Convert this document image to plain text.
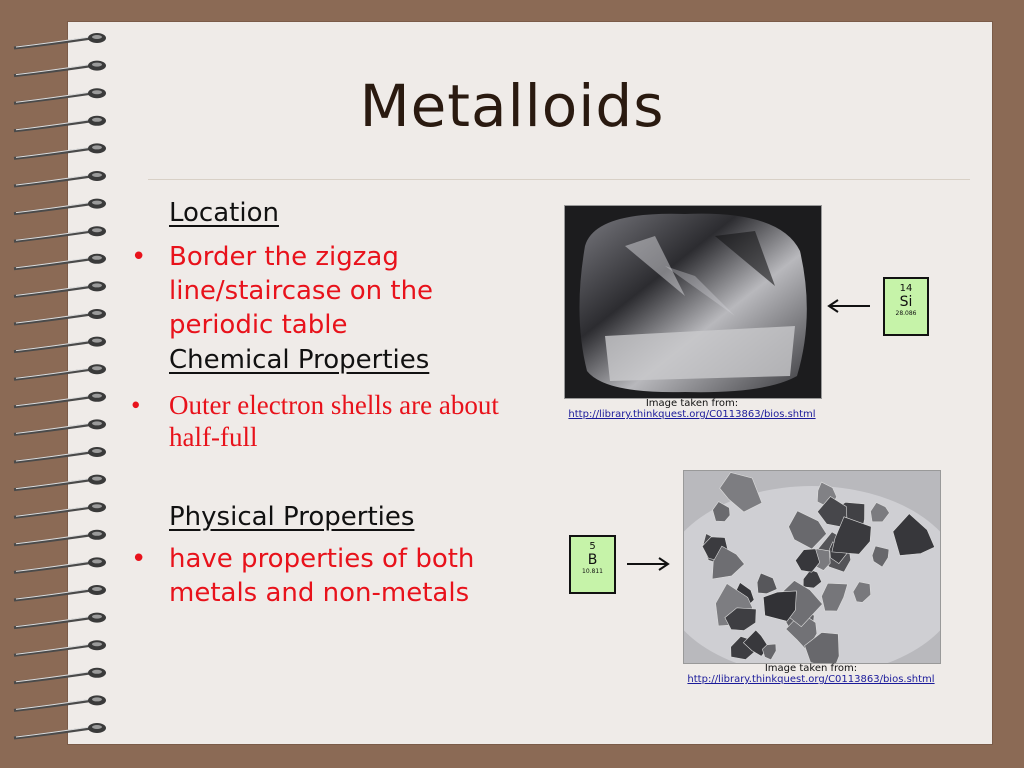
Metalloids
Location
• Border the zigzag line/staircase on the periodic table
Chemical Properties
• Outer electron shells are about half-full
Physical Properties
• have properties of both metals and non-metals
Image taken from:
http://library.thinkquest.org/C0113863/bios.shtml
14
Si
28.086
5
B
10.811
Image taken from:
http://library.thinkquest.org/C0113863/bios.shtml
